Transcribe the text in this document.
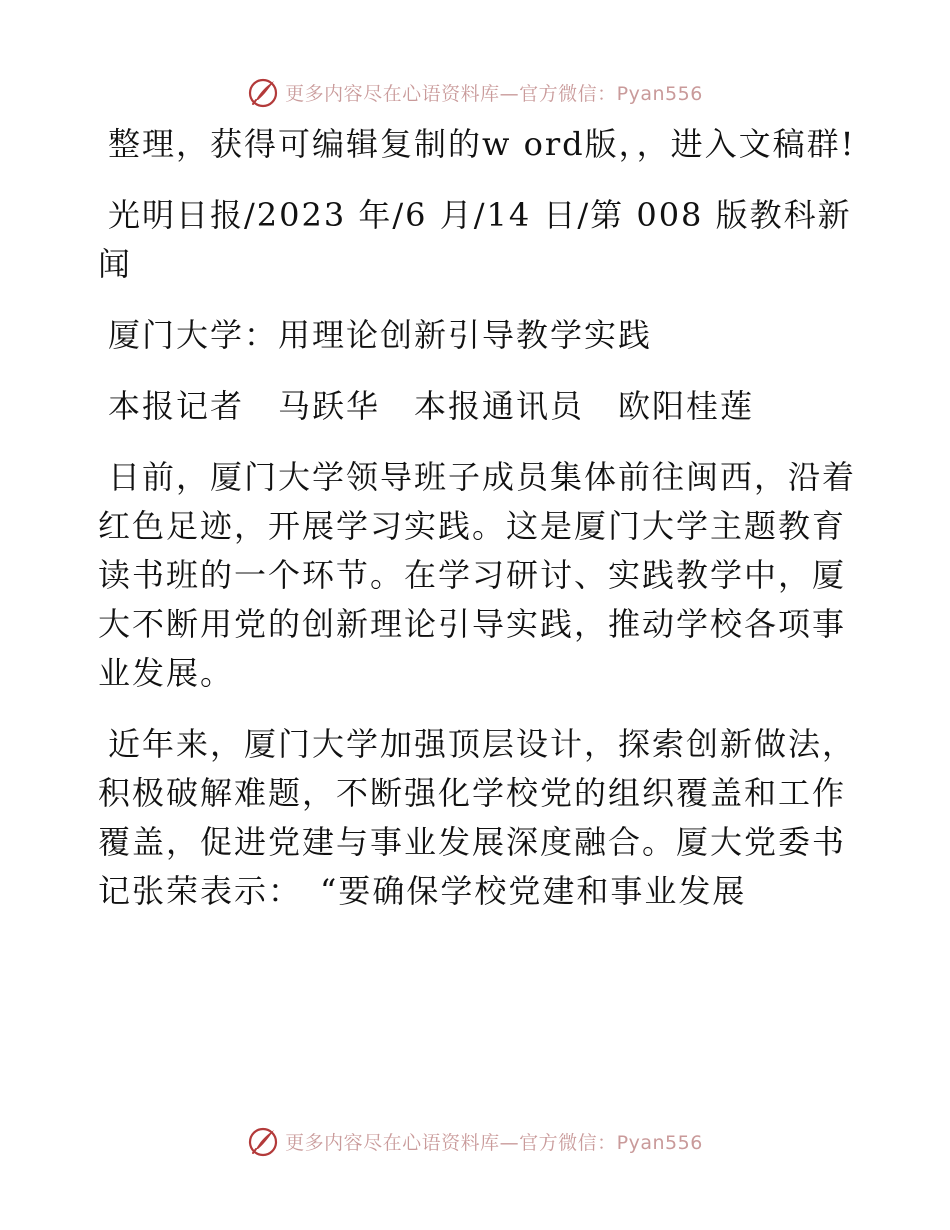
更多内容尽在心语资料库—官方微信：Pyan556

整理，获得可编辑复制的w ord版，，进入文稿群!

光明日报/2023 年/6 月/14 日/第 008 版教科新闻

厦门大学：用理论创新引导教学实践

本报记者　马跃华　本报通讯员　欧阳桂莲

日前，厦门大学领导班子成员集体前往闽西，沿着红色足迹，开展学习实践。这是厦门大学主题教育读书班的一个环节。在学习研讨、实践教学中，厦大不断用党的创新理论引导实践，推动学校各项事业发展。

近年来，厦门大学加强顶层设计，探索创新做法，积极破解难题，不断强化学校党的组织覆盖和工作覆盖，促进党建与事业发展深度融合。厦大党委书记张荣表示：　“要确保学校党建和事业发展

更多内容尽在心语资料库—官方微信：Pyan556
